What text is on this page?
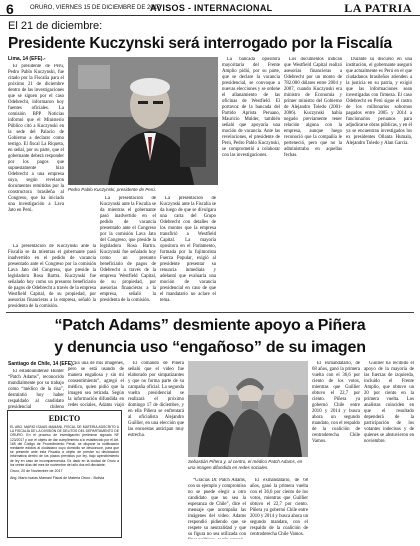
6	ORURO, VIERNES 15 DE DICIEMBRE DE 2017
AVISOS - INTERNACIONAL	LA PATRIA
El 21 de diciembre:
Presidente Kuczynski será interrogado por la Fiscalía
Lima, 14 (EFE).-

El presidente de Perú, Pedro Pablo Kuczynski, fue citado por la Fiscalía para el próximo 21 de diciembre dentro de las investigaciones que se siguen por el caso Odebrecht, informaron hoy fuentes oficiales. La comisión BPP Noticias informó que el Ministerio Público citó a Kuczynski en la sede del Palacio de Gobierno a declarar como testigo. El fiscal La Riqueta, en señal, por su parte, que el gobernante deberá responder por los pagos que supuestamente hizo Odebrecht a una empresa suya, según revelaron documentos remitidos por la constructora brasileña al Congreso, que ha iniciado una investigación a Lava Jato en Perú.

Pedro Pablo Kuczynski, presidente de Perú.

La presentación de Kuczynski ante la Fiscalía se da mientras el gobernante pasó inadvertido en el pedido de vacancia presentado ante el Congreso por la comisión Lava Jato del Congreso, que preside la legisladora Rosa Bartra. Kuczynski fue señalado hoy como un presunto beneficiario de pagos de Odebrecht a través de la empresa Westfield Capital, de su propiedad, por asesorías financieras a la empresa, señaló la presidenta de la comisión.

La presentación de Kuczynski ante la Fiscalía se da luego de que se divulgara una carta del Grupo Odebrecht con detalles de los montos que la empresa transfirió a Westfield Capital. La mayoría opositora en el Parlamento, formada por la fujimorista Fuerza Popular, exigió al presidente presentar su renuncia inmediata y adelantó que evaluaría una moción de vacancia presidencial en caso de que el mandatario no aclare el tema.

La bancada opositora mayoritaria del Frente Amplio pidió, por su parte, que se declare la vacancia presidencial, se convoque a nuevas elecciones y se ordene el allanamiento de las oficinas de Westfield. El portavoz de la bancada del Partido Aprista Peruano, Mauricio Mulder, también señaló que apoyaría una moción de vacancia. Ante las revelaciones, el presidente de Perú, Pedro Pablo Kuczynski, se comprometió a colaborar con las investigaciones.

Los documentos indican que Westfield Capital realizó asesorías financieras a Odebrecht por un monto de 782.000 dólares entre 2004 y 2007, cuando Kuczynski era ministro de Economía y primer ministro del Gobierno de Alejandro Toledo (2001-2006). Kuczynski había negado previamente tener relación alguna con la empresa, aunque luego reconoció que la compañía le perteneció, pero que no la administraba en aquellas fechas.

Durante su discurso en una institución, el gobernante aseguró que actualmente es Perú en el que ciudadanos brasileños atienden a la justicia en su patria, y exigió que las informaciones sean investigadas con firmeza. El caso Odebrecht en Perú sigue el rastro de los millonarios sobornos pagados entre 2005 y 2014 a funcionarios peruanos para adjudicarse obras públicas, y en él ya se encuentran investigados los ex presidentes Ollanta Humala, Alejandro Toledo y Alan García.

La presentación de Kuczynski ante la Fiscalía se da mientras el gobernante pasó inadvertido en el pedido de vacancia presentado ante el Congreso por la comisión Lava Jato del Congreso, que preside la legisladora Rosa Bartra. Kuczynski fue señalado hoy como un presunto beneficiario de pagos de Odebrecht a través de la empresa Westfield Capital, de su propiedad, por asesorías financieras a la empresa, señaló la presidenta de la comisión.

“Patch Adams” desmiente apoyo a Piñera
y denuncia uso “engañoso” de su imagen
Santiago de Chile, 14 (EFE).-

El estadounidense Hunter “Patch Adams”, reconocido mundialmente por su trabajo como “médico de la risa”, desmintió hoy haber respaldado al candidato presidencial chileno

“Es una de mis imágenes, pero se está usando de manera engañosa y sin mi consentimiento”, agregó el médico, quien pidió que la imagen sea retirada. Según la información difundida en redes sociales, Adams viajó

El comando de Piñera señaló que el video fue elaborado por simpatizantes y que no forma parte de su campaña oficial. La segunda vuelta presidencial se realizará el próximo domingo 17 de diciembre, y en ella Piñera se enfrentará al oficialista Alejandro Guillier, en una elección que las encuestas anticipan muy estrecha.

Sebastián Piñera y, al centro, el médico Patch Adams, en una imagen difundida en redes sociales.

“Gracias Dr. Patch Adams, con su ejemplo y compromiso no se puede elegir a otro candidato que no sea la esperanza de Chile”, dice el mensaje que acompaña las imágenes del video. Adams respondió pidiendo que se respete su neutralidad y que su figura no sea utilizada con

El exmandatario, de 68 años, ganó la primera vuelta con el 36,6 por ciento de los votos, mientras que Guillier obtuvo el 22,7 por ciento. Piñera ya gobernó Chile entre 2010 y 2014 y busca ahora un segundo mandato, con el respaldo de la coalición de centroderecha Chile Vamos.

El exmandatario, de 68 años, ganó la primera vuelta con el 36,6 por ciento de los votos, mientras que Guillier obtuvo el 22,7 por ciento. Piñera ya gobernó Chile entre 2010 y 2014 y busca ahora un segundo mandato, con el respaldo de la coalición de centroderecha Chile Vamos.

Guillier ha recibido el apoyo de la mayoría de las fuerzas de izquierda, incluido el Frente Amplio, que obtuvo un 20 por ciento en la primera vuelta. Los analistas coinciden en que el resultado dependerá de la participación de los votantes indecisos y de quienes se abstuvieron en noviembre.

EDICTO
EL ABG. MARIO ISAIAS MAMANI, FISCAL DE MATERIA ADSCRITO A LA FISCALÍA DE LA DIVISIÓN DE DELITOS DEL DEPARTAMENTO DE ORURO. En el proceso de investigación preliminar signado NF 123/2017 y con el objeto de dar cumplimiento a lo establecido por el Art. 165 del Código de Procedimiento Penal, se dispone la notificación mediante edictos al ciudadano cuyo domicilio se desconoce, para que se presente ante esta Fiscalía a objeto de prestar su declaración informativa dentro de los plazos previstos por ley, bajo apercibimiento de ley en caso de incomparecencia. Es dado en la ciudad de Oruro a los veinte días del mes de noviembre del año dos mil diecisiete.
Oruro, 20 de Noviembre de 2017
Abg. Mario Isaías Mamani Fiscal de Materia Oruro - Bolivia
